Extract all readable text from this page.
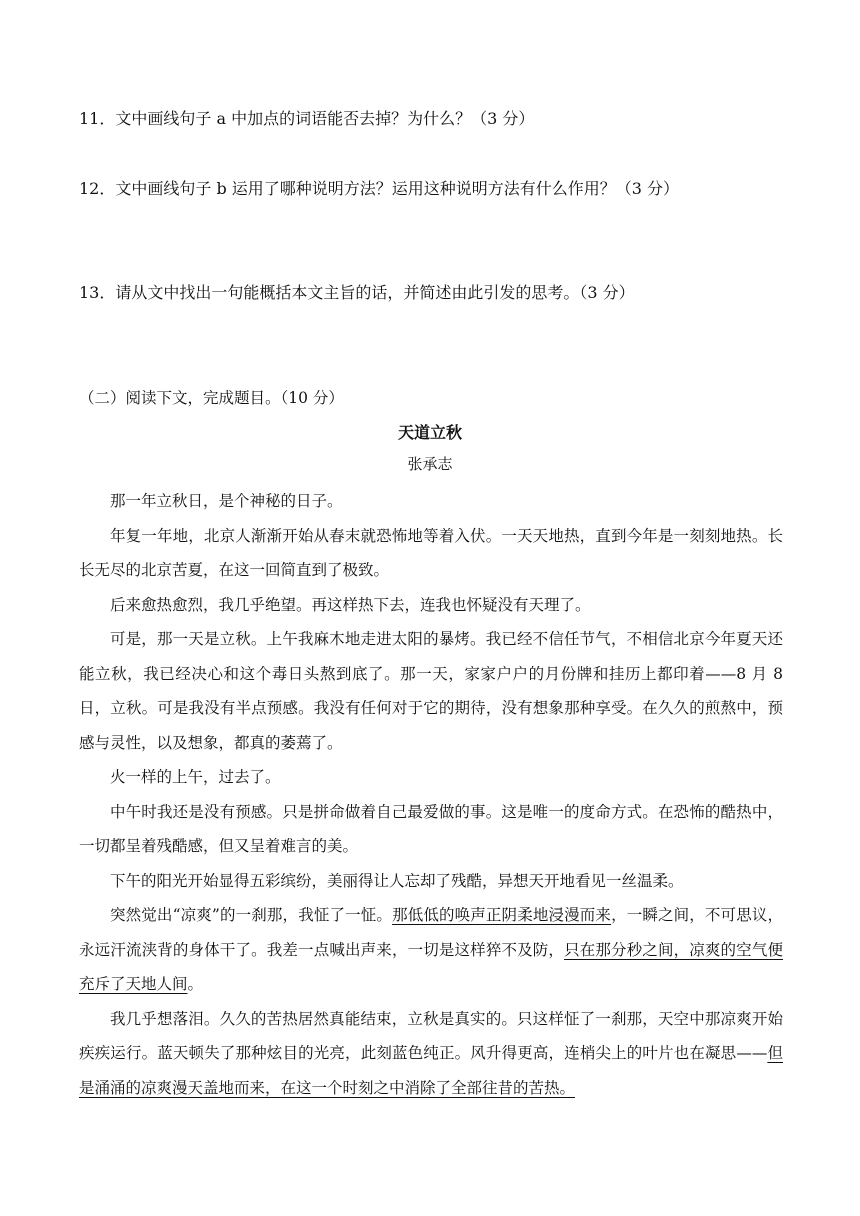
11．文中画线句子 a 中加点的词语能否去掉？为什么？（3 分）
12．文中画线句子 b 运用了哪种说明方法？运用这种说明方法有什么作用？（3 分）
13．请从文中找出一句能概括本文主旨的话，并简述由此引发的思考。（3 分）
（二）阅读下文，完成题目。（10 分）
天道立秋
张承志

那一年立秋日，是个神秘的日子。

年复一年地，北京人渐渐开始从春末就恐怖地等着入伏。一天天地热，直到今年是一刻刻地热。长长无尽的北京苦夏，在这一回简直到了极致。

后来愈热愈烈，我几乎绝望。再这样热下去，连我也怀疑没有天理了。

可是，那一天是立秋。上午我麻木地走进太阳的暴烤。我已经不信任节气，不相信北京今年夏天还能立秋，我已经决心和这个毒日头熬到底了。那一天，家家户户的月份牌和挂历上都印着——8 月 8 日，立秋。可是我没有半点预感。我没有任何对于它的期待，没有想象那种享受。在久久的煎熬中，预感与灵性，以及想象，都真的萎蔫了。

火一样的上午，过去了。

中午时我还是没有预感。只是拼命做着自己最爱做的事。这是唯一的度命方式。在恐怖的酷热中，一切都呈着残酷感，但又呈着难言的美。

下午的阳光开始显得五彩缤纷，美丽得让人忘却了残酷，异想天开地看见一丝温柔。

突然觉出“凉爽”的一刹那，我怔了一怔。那低低的唤声正阴柔地浸漫而来，一瞬之间，不可思议，永远汗流浃背的身体干了。我差一点喊出声来，一切是这样猝不及防，只在那分秒之间，凉爽的空气便充斥了天地人间。

我几乎想落泪。久久的苦热居然真能结束，立秋是真实的。只这样怔了一刹那，天空中那凉爽开始疾疾运行。蓝天顿失了那种炫目的光亮，此刻蓝色纯正。风升得更高，连梢尖上的叶片也在凝思——但是涌涌的凉爽漫天盖地而来，在这一个时刻之中消除了全部往昔的苦热。
